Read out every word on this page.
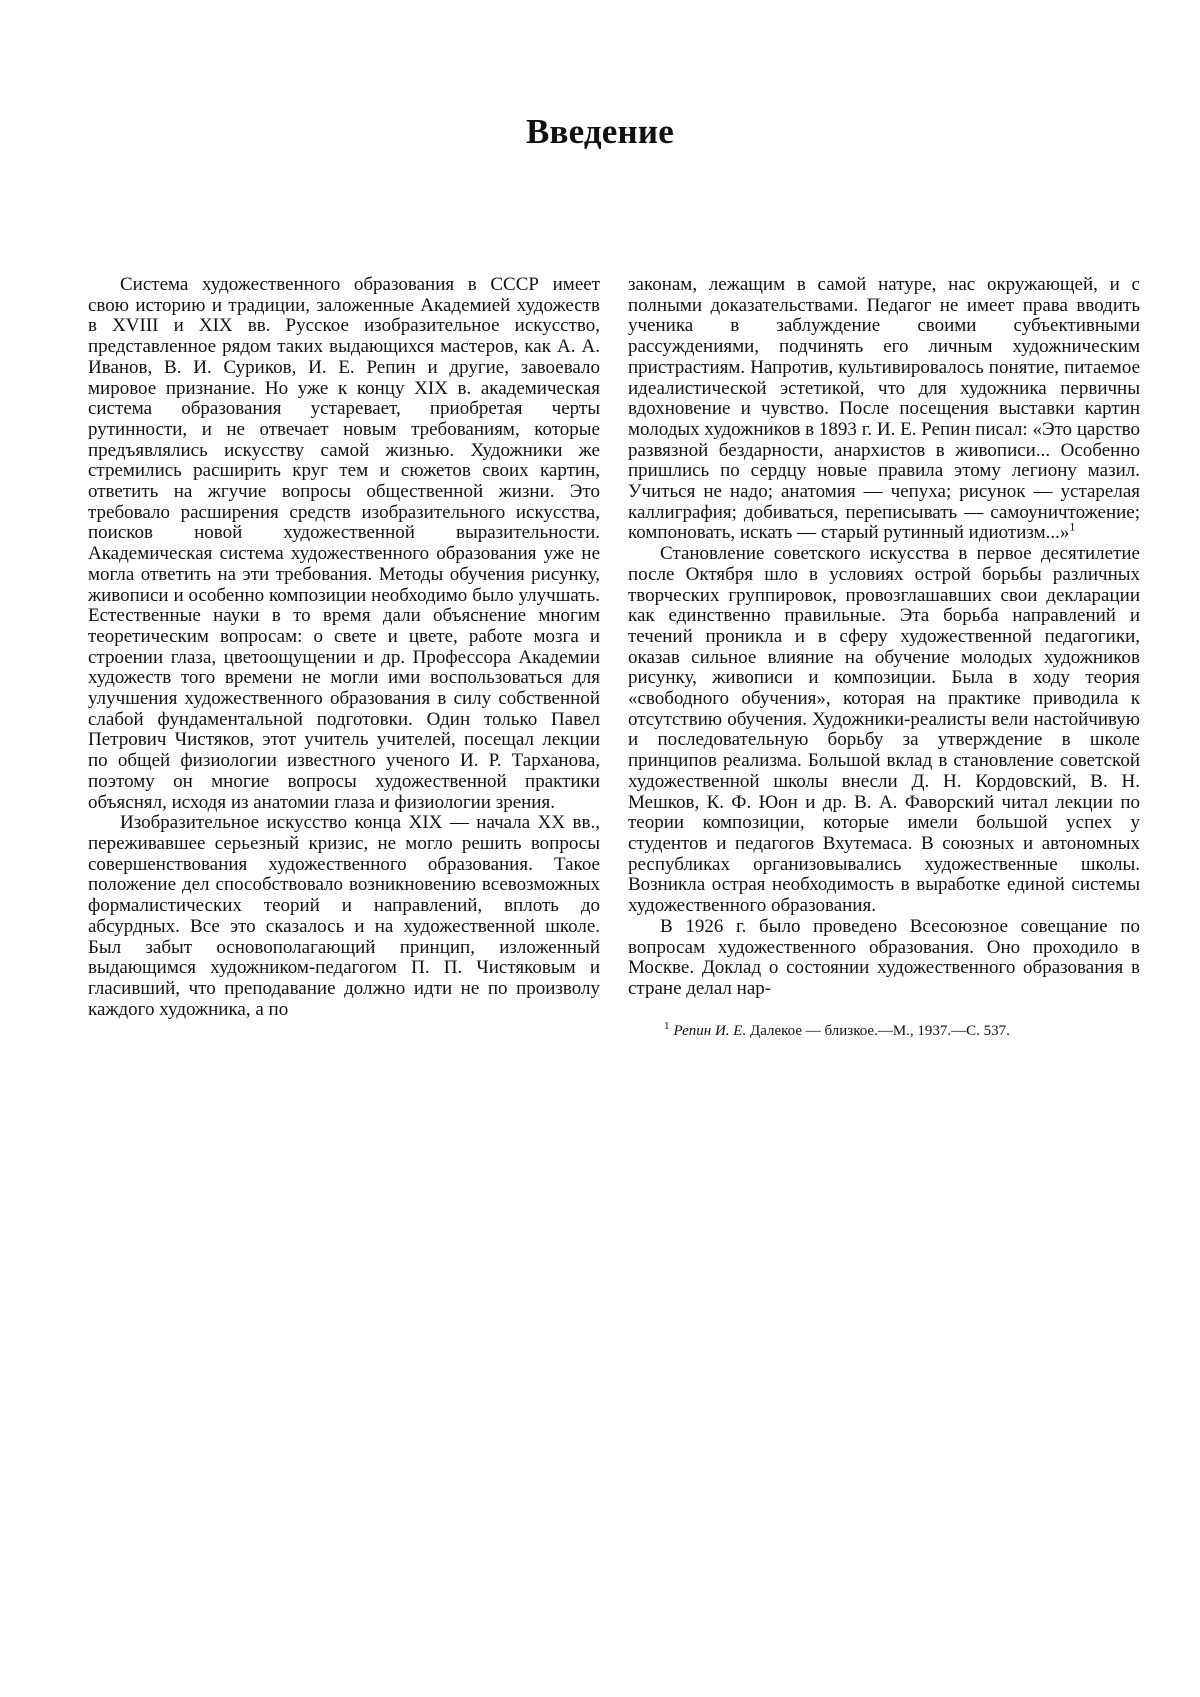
Введение

Система художественного образования в СССР имеет свою историю и традиции, заложенные Академией художеств в XVIII и XIX вв. Русское изобразительное искусство, представленное рядом таких выдающихся мастеров, как А. А. Иванов, В. И. Суриков, И. Е. Репин и другие, завоевало мировое признание. Но уже к концу XIX в. академическая система образования устаревает, приобретая черты рутинности, и не отвечает новым требованиям, которые предъявлялись искусству самой жизнью. Художники же стремились расширить круг тем и сюжетов своих картин, ответить на жгучие вопросы общественной жизни. Это требовало расширения средств изобразительного искусства, поисков новой художественной выразительности. Академическая система художественного образования уже не могла ответить на эти требования. Методы обучения рисунку, живописи и особенно композиции необходимо было улучшать. Естественные науки в то время дали объяснение многим теоретическим вопросам: о свете и цвете, работе мозга и строении глаза, цветоощущении и др. Профессора Академии художеств того времени не могли ими воспользоваться для улучшения художественного образования в силу собственной слабой фундаментальной подготовки. Один только Павел Петрович Чистяков, этот учитель учителей, посещал лекции по общей физиологии известного ученого И. Р. Тарханова, поэтому он многие вопросы художественной практики объяснял, исходя из анатомии глаза и физиологии зрения.

Изобразительное искусство конца XIX — начала XX вв., переживавшее серьезный кризис, не могло решить вопросы совершенствования художественного образования. Такое положение дел способствовало возникновению всевозможных формалистических теорий и направлений, вплоть до абсурдных. Все это сказалось и на художественной школе. Был забыт основополагающий принцип, изложенный выдающимся художником-педагогом П. П. Чистяковым и гласивший, что преподавание должно идти не по произволу каждого художника, а по

законам, лежащим в самой натуре, нас окружающей, и с полными доказательствами. Педагог не имеет права вводить ученика в заблуждение своими субъективными рассуждениями, подчинять его личным художническим пристрастиям. Напротив, культивировалось понятие, питаемое идеалистической эстетикой, что для художника первичны вдохновение и чувство. После посещения выставки картин молодых художников в 1893 г. И. Е. Репин писал: «Это царство развязной бездарности, анархистов в живописи... Особенно пришлись по сердцу новые правила этому легиону мазил. Учиться не надо; анатомия — чепуха; рисунок — устарелая каллиграфия; добиваться, переписывать — самоуничтожение; компоновать, искать — старый рутинный идиотизм...»$^1$

Становление советского искусства в первое десятилетие после Октября шло в условиях острой борьбы различных творческих группировок, провозглашавших свои декларации как единственно правильные. Эта борьба направлений и течений проникла и в сферу художественной педагогики, оказав сильное влияние на обучение молодых художников рисунку, живописи и композиции. Была в ходу теория «свободного обучения», которая на практике приводила к отсутствию обучения. Художники-реалисты вели настойчивую и последовательную борьбу за утверждение в школе принципов реализма. Большой вклад в становление советской художественной школы внесли Д. Н. Кордовский, В. Н. Мешков, К. Ф. Юон и др. В. А. Фаворский читал лекции по теории композиции, которые имели большой успех у студентов и педагогов Вхутемаса. В союзных и автономных республиках организовывались художественные школы. Возникла острая необходимость в выработке единой системы художественного образования.

В 1926 г. было проведено Всесоюзное совещание по вопросам художественного образования. Оно проходило в Москве. Доклад о состоянии художественного образования в стране делал нар-

$^1$ Репин И. Е. Далекое — близкое.—М., 1937.—С. 537.
